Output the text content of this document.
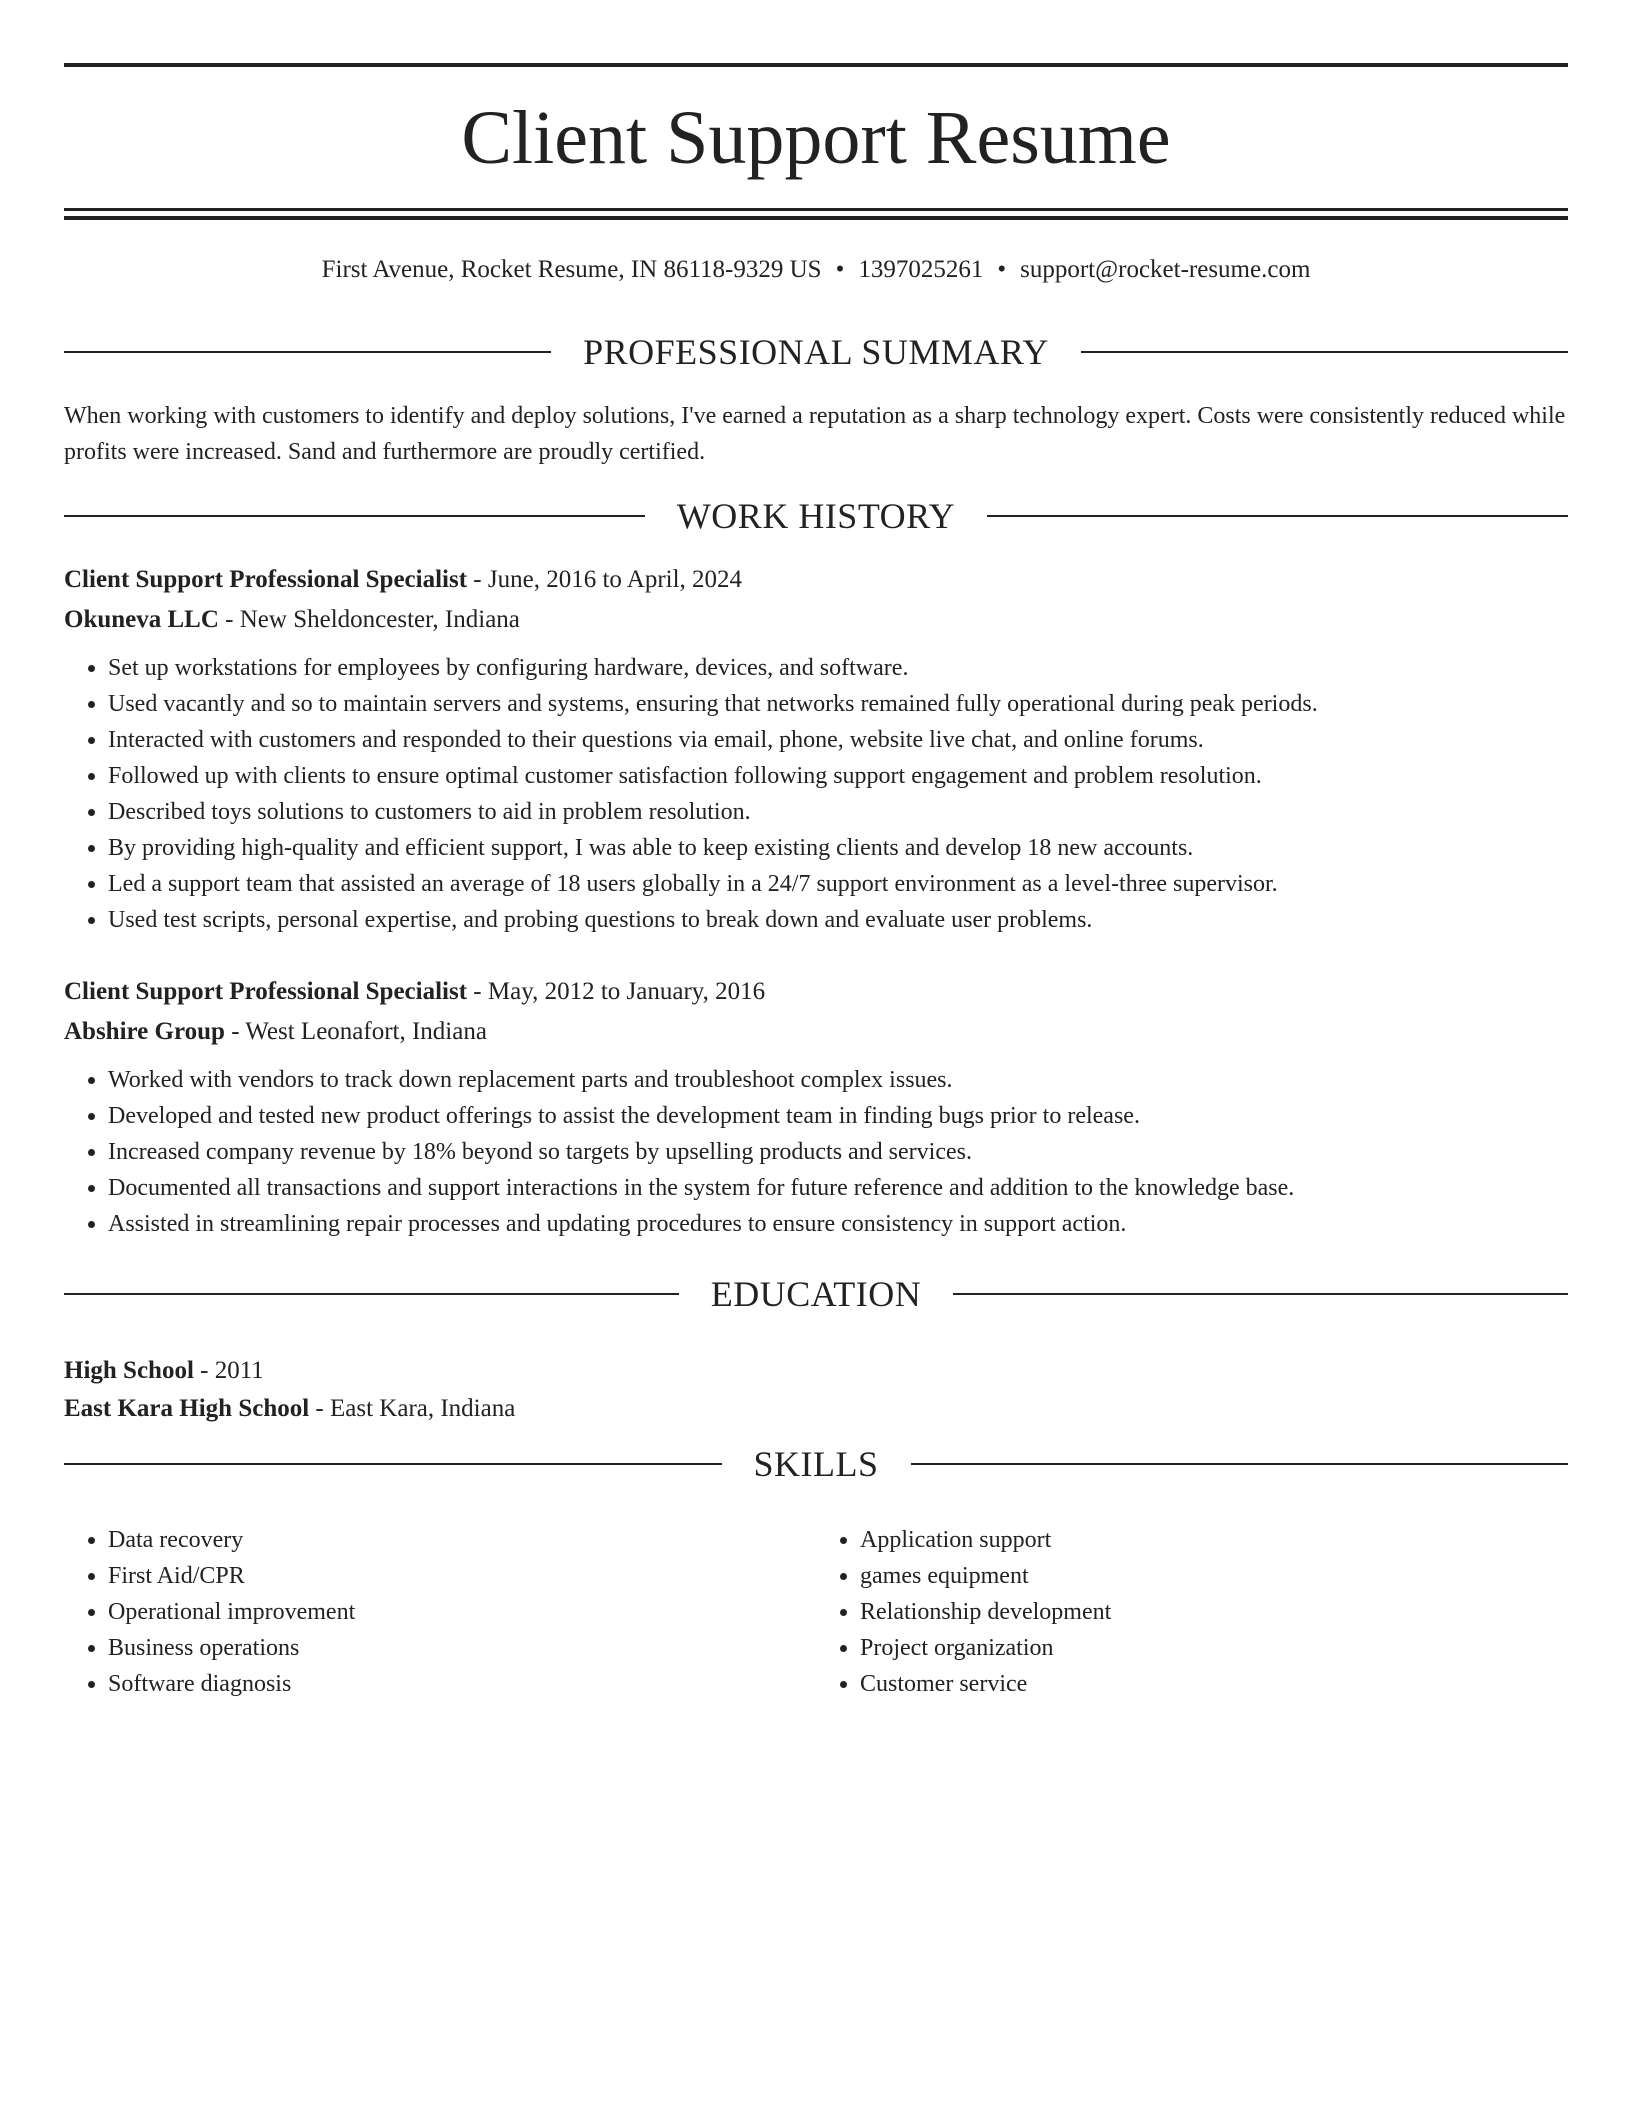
Client Support Resume
First Avenue, Rocket Resume, IN 86118-9329 US • 1397025261 • support@rocket-resume.com
PROFESSIONAL SUMMARY

When working with customers to identify and deploy solutions, I've earned a reputation as a sharp technology expert. Costs were consistently reduced while profits were increased. Sand and furthermore are proudly certified.

WORK HISTORY
Client Support Professional Specialist - June, 2016 to April, 2024
Okuneva LLC - New Sheldoncester, Indiana
• Set up workstations for employees by configuring hardware, devices, and software.
• Used vacantly and so to maintain servers and systems, ensuring that networks remained fully operational during peak periods.
• Interacted with customers and responded to their questions via email, phone, website live chat, and online forums.
• Followed up with clients to ensure optimal customer satisfaction following support engagement and problem resolution.
• Described toys solutions to customers to aid in problem resolution.
• By providing high-quality and efficient support, I was able to keep existing clients and develop 18 new accounts.
• Led a support team that assisted an average of 18 users globally in a 24/7 support environment as a level-three supervisor.
• Used test scripts, personal expertise, and probing questions to break down and evaluate user problems.
Client Support Professional Specialist - May, 2012 to January, 2016
Abshire Group - West Leonafort, Indiana
• Worked with vendors to track down replacement parts and troubleshoot complex issues.
• Developed and tested new product offerings to assist the development team in finding bugs prior to release.
• Increased company revenue by 18% beyond so targets by upselling products and services.
• Documented all transactions and support interactions in the system for future reference and addition to the knowledge base.
• Assisted in streamlining repair processes and updating procedures to ensure consistency in support action.
EDUCATION
High School - 2011
East Kara High School - East Kara, Indiana
SKILLS
• Data recovery
• First Aid/CPR
• Operational improvement
• Business operations
• Software diagnosis
• Application support
• games equipment
• Relationship development
• Project organization
• Customer service
